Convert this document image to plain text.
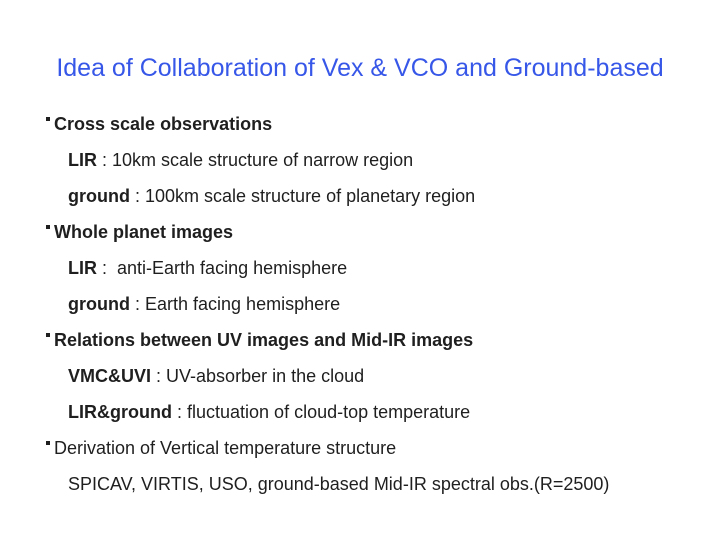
Idea of Collaboration of Vex & VCO and Ground-based
Cross scale observations
LIR : 10km scale structure of narrow region
ground : 100km scale structure of planetary region
Whole planet images
LIR :  anti-Earth facing hemisphere
ground : Earth facing hemisphere
Relations between UV images and Mid-IR images
VMC&UVI : UV-absorber in the cloud
LIR&ground : fluctuation of cloud-top temperature
Derivation of Vertical temperature structure
SPICAV, VIRTIS, USO, ground-based Mid-IR spectral obs.(R=2500)
